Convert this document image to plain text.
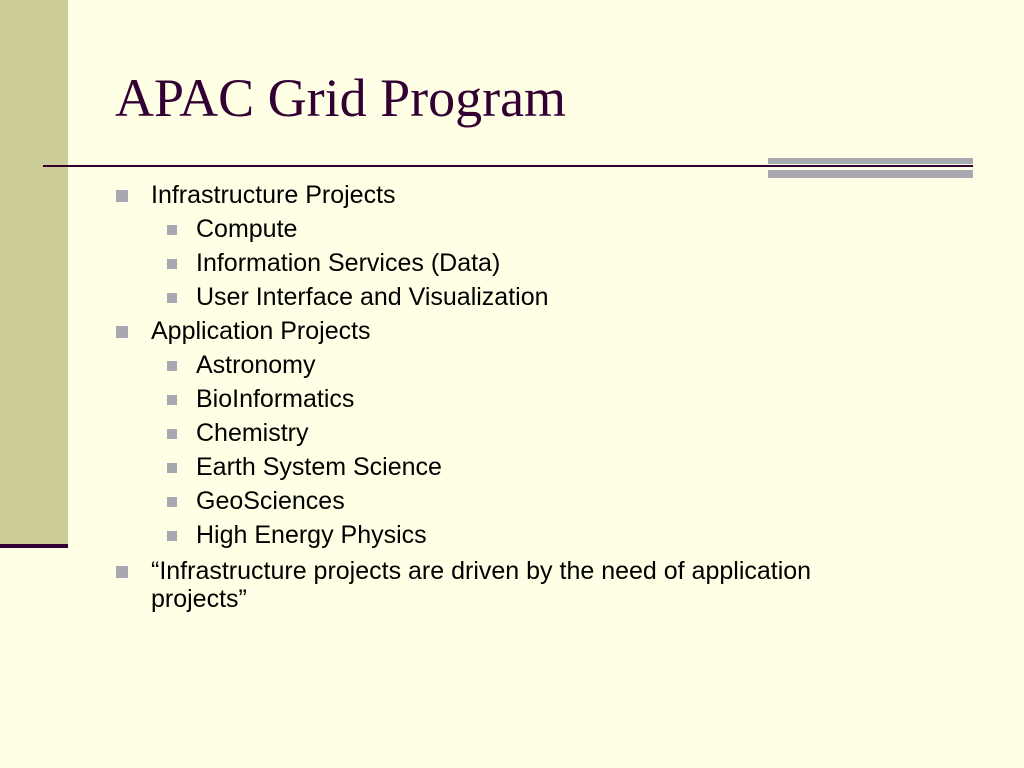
APAC Grid Program
Infrastructure Projects
Compute
Information Services (Data)
User Interface and Visualization
Application Projects
Astronomy
BioInformatics
Chemistry
Earth System Science
GeoSciences
High Energy Physics
“Infrastructure projects are driven by the need of application
projects”
